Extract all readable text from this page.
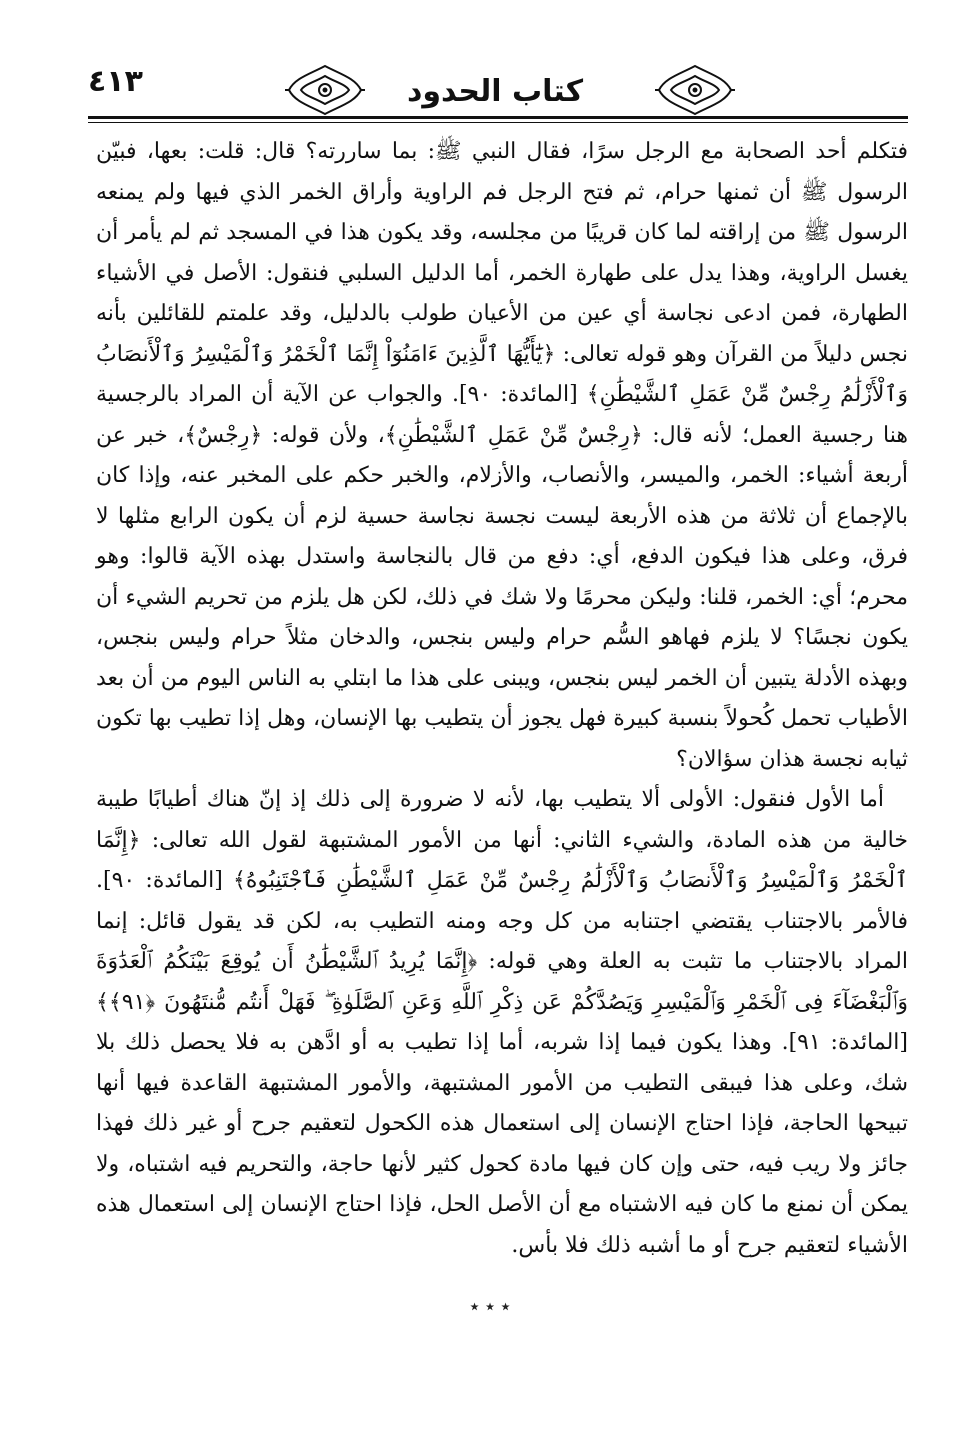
٤١٣	كتاب الحدود

فتكلم أحد الصحابة مع الرجل سرًا، فقال النبي ﷺ: بما ساررته؟ قال: قلت: بعها، فبيّن الرسول ﷺ أن ثمنها حرام، ثم فتح الرجل فم الراوية وأراق الخمر الذي فيها ولم يمنعه الرسول ﷺ من إراقته لما كان قريبًا من مجلسه، وقد يكون هذا في المسجد ثم لم يأمر أن يغسل الراوية، وهذا يدل على طهارة الخمر، أما الدليل السلبي فنقول: الأصل في الأشياء الطهارة، فمن ادعى نجاسة أي عين من الأعيان طولب بالدليل، وقد علمتم للقائلين بأنه نجس دليلاً من القرآن وهو قوله تعالى: ﴿يَٰٓأَيُّهَا ٱلَّذِينَ ءَامَنُوٓاْ إِنَّمَا ٱلْخَمْرُ وَٱلْمَيْسِرُ وَٱلْأَنصَابُ وَٱلْأَزْلَٰمُ رِجْسٌ مِّنْ عَمَلِ ٱلشَّيْطَٰنِ﴾ [المائدة: ٩٠]. والجواب عن الآية أن المراد بالرجسية هنا رجسية العمل؛ لأنه قال: ﴿رِجْسٌ مِّنْ عَمَلِ ٱلشَّيْطَٰنِ﴾، ولأن قوله: ﴿رِجْسٌ﴾، خبر عن أربعة أشياء: الخمر، والميسر، والأنصاب، والأزلام، والخبر حكم على المخبر عنه، وإذا كان بالإجماع أن ثلاثة من هذه الأربعة ليست نجسة نجاسة حسية لزم أن يكون الرابع مثلها لا فرق، وعلى هذا فيكون الدفع، أي: دفع من قال بالنجاسة واستدل بهذه الآية قالوا: وهو محرم؛ أي: الخمر، قلنا: وليكن محرمًا ولا شك في ذلك، لكن هل يلزم من تحريم الشيء أن يكون نجسًا؟ لا يلزم فهاهو السُّم حرام وليس بنجس، والدخان مثلاً حرام وليس بنجس، وبهذه الأدلة يتبين أن الخمر ليس بنجس، ويبنى على هذا ما ابتلي به الناس اليوم من أن بعد الأطياب تحمل كُحولاً بنسبة كبيرة فهل يجوز أن يتطيب بها الإنسان، وهل إذا تطيب بها تكون ثيابه نجسة هذان سؤالان؟

أما الأول فنقول: الأولى ألا يتطيب بها، لأنه لا ضرورة إلى ذلك إذ إنّ هناك أطيابًا طيبة خالية من هذه المادة، والشيء الثاني: أنها من الأمور المشتبهة لقول الله تعالى: ﴿إِنَّمَا ٱلْخَمْرُ وَٱلْمَيْسِرُ وَٱلْأَنصَابُ وَٱلْأَزْلَٰمُ رِجْسٌ مِّنْ عَمَلِ ٱلشَّيْطَٰنِ فَٱجْتَنِبُوهُ﴾ [المائدة: ٩٠]. فالأمر بالاجتناب يقتضي اجتنابه من كل وجه ومنه التطيب به، لكن قد يقول قائل: إنما المراد بالاجتناب ما تثبت به العلة وهي قوله: ﴿إِنَّمَا يُرِيدُ ٱلشَّيْطَٰنُ أَن يُوقِعَ بَيْنَكُمُ ٱلْعَدَٰوَةَ وَٱلْبَغْضَآءَ فِى ٱلْخَمْرِ وَٱلْمَيْسِرِ وَيَصُدَّكُمْ عَن ذِكْرِ ٱللَّهِ وَعَنِ ٱلصَّلَوٰةِ ۖ فَهَلْ أَنتُم مُّنتَهُونَ ﴿٩١﴾﴾ [المائدة: ٩١]. وهذا يكون فيما إذا شربه، أما إذا تطيب به أو ادَّهن به فلا يحصل ذلك بلا شك، وعلى هذا فيبقى التطيب من الأمور المشتبهة، والأمور المشتبهة القاعدة فيها أنها تبيحها الحاجة، فإذا احتاج الإنسان إلى استعمال هذه الكحول لتعقيم جرح أو غير ذلك فهذا جائز ولا ريب فيه، حتى وإن كان فيها مادة كحول كثير لأنها حاجة، والتحريم فيه اشتباه، ولا يمكن أن نمنع ما كان فيه الاشتباه مع أن الأصل الحل، فإذا احتاج الإنسان إلى استعمال هذه الأشياء لتعقيم جرح أو ما أشبه ذلك فلا بأس.

٭ ٭ ٭
